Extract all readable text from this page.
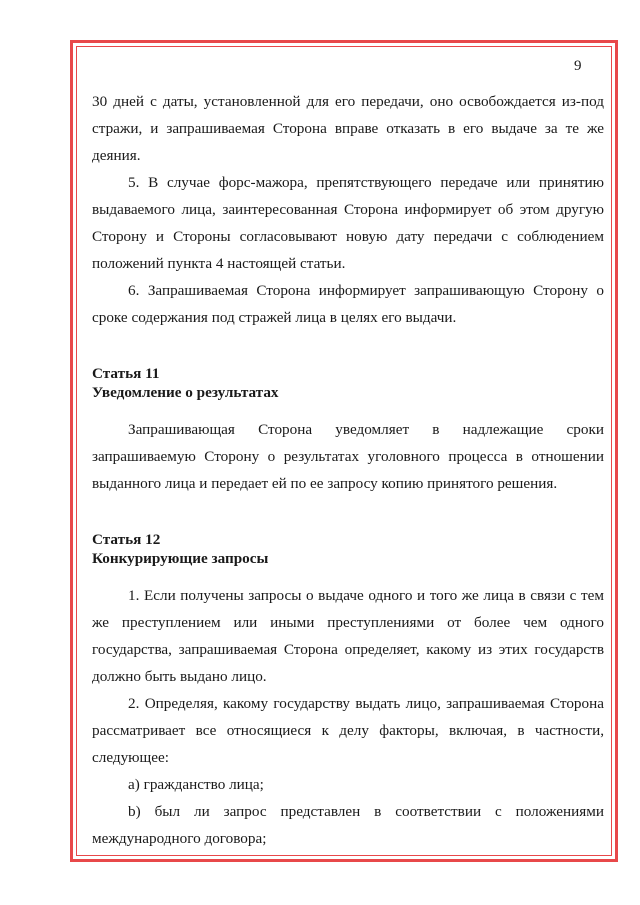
9

30 дней с даты, установленной для его передачи, оно освобождается из-под стражи, и запрашиваемая Сторона вправе отказать в его выдаче за те же деяния.

5. В случае форс-мажора, препятствующего передаче или принятию выдаваемого лица, заинтересованная Сторона информирует об этом другую Сторону и Стороны согласовывают новую дату передачи с соблюдением положений пункта 4 настоящей статьи.

6. Запрашиваемая Сторона информирует запрашивающую Сторону о сроке содержания под стражей лица в целях его выдачи.

Статья 11

Уведомление о результатах

Запрашивающая Сторона уведомляет в надлежащие сроки запрашиваемую Сторону о результатах уголовного процесса в отношении выданного лица и передает ей по ее запросу копию принятого решения.

Статья 12

Конкурирующие запросы

1. Если получены запросы о выдаче одного и того же лица в связи с тем же преступлением или иными преступлениями от более чем одного государства, запрашиваемая Сторона определяет, какому из этих государств должно быть выдано лицо.

2. Определяя, какому государству выдать лицо, запрашиваемая Сторона рассматривает все относящиеся к делу факторы, включая, в частности, следующее:

а) гражданство лица;

b) был ли запрос представлен в соответствии с положениями международного договора;
